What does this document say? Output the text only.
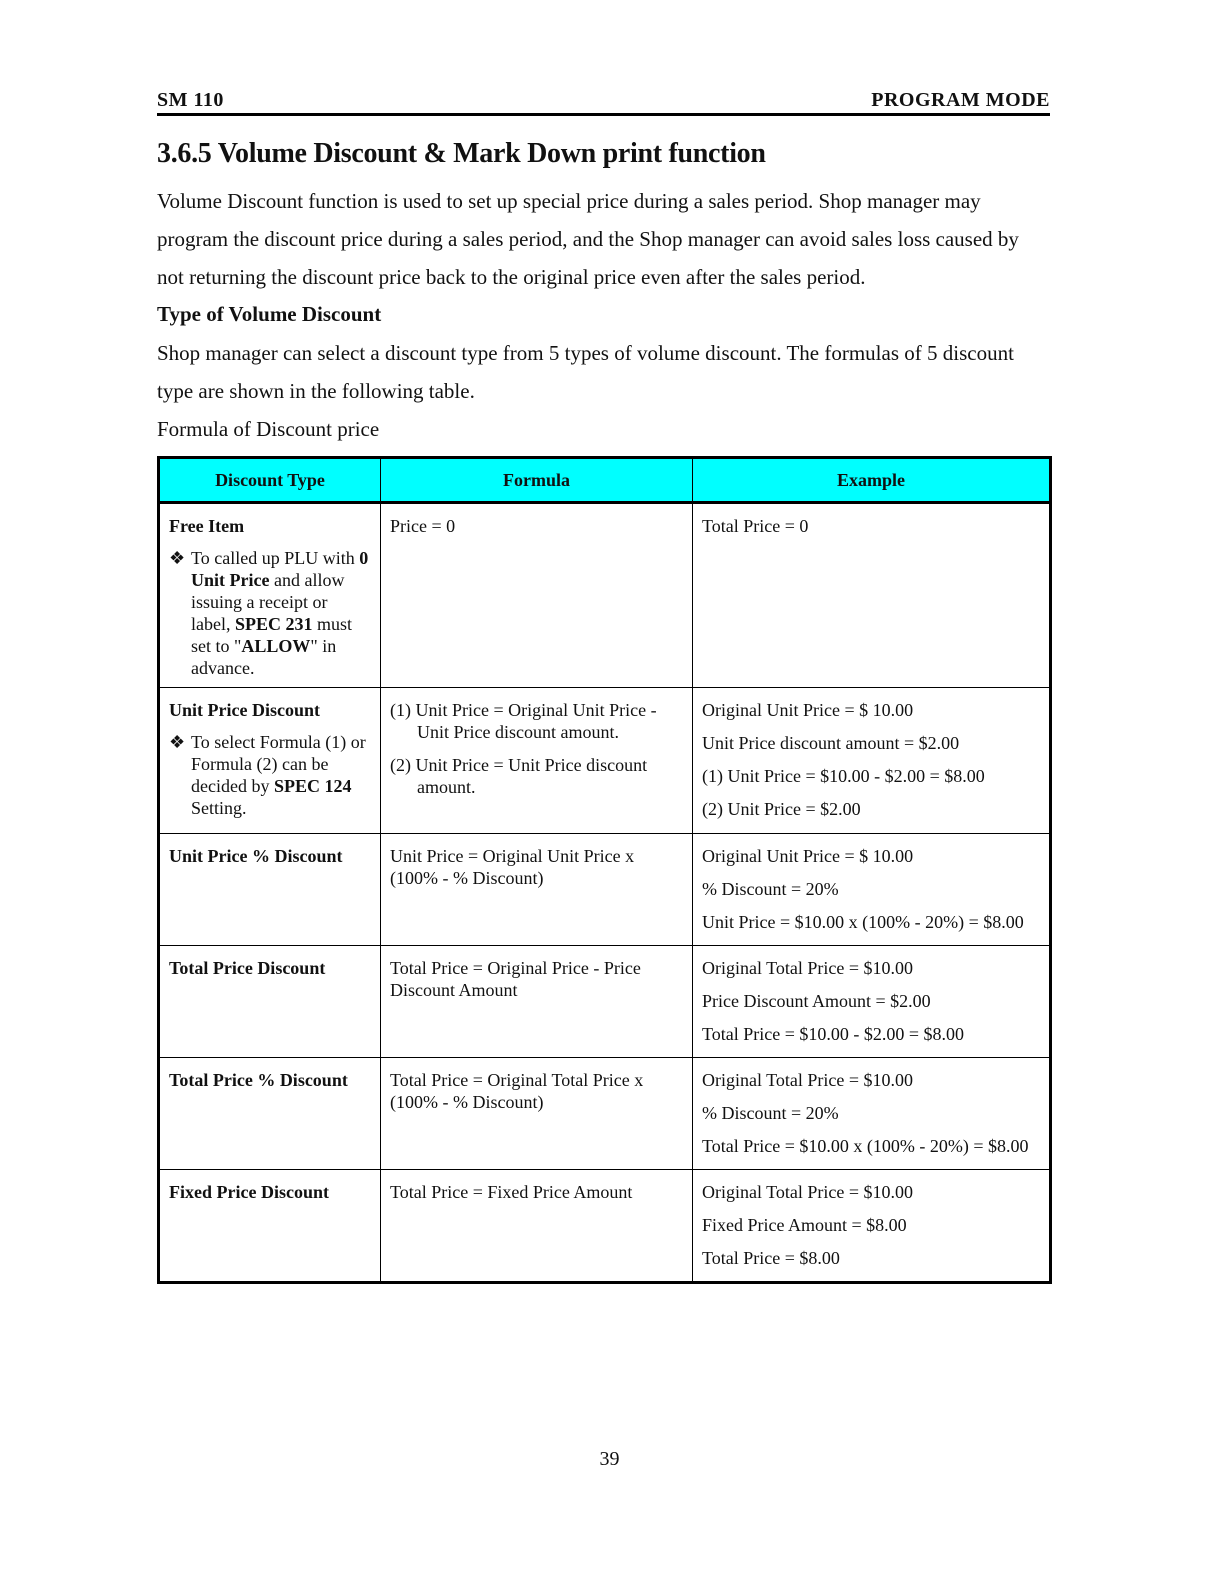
SM 110	PROGRAM MODE
3.6.5 Volume Discount & Mark Down print function

Volume Discount function is used to set up special price during a sales period. Shop manager may
program the discount price during a sales period, and the Shop manager can avoid sales loss caused by
not returning the discount price back to the original price even after the sales period.

Type of Volume Discount

Shop manager can select a discount type from 5 types of volume discount. The formulas of 5 discount
type are shown in the following table.
Formula of Discount price

Discount Type	Formula	Example

Free Item
❖ To called up PLU with 0 Unit Price and allow issuing a receipt or label, SPEC 231 must set to "ALLOW" in advance.	Price = 0	Total Price = 0

Unit Price Discount
❖ To select Formula (1) or Formula (2) can be decided by SPEC 124 Setting.	(1) Unit Price = Original Unit Price -
Unit Price discount amount.
(2) Unit Price = Unit Price discount
amount.	Original Unit Price = $ 10.00
Unit Price discount amount = $2.00
(1) Unit Price = $10.00 - $2.00 = $8.00
(2) Unit Price = $2.00

Unit Price % Discount	Unit Price = Original Unit Price x (100% - % Discount)	Original Unit Price = $ 10.00
% Discount = 20%
Unit Price = $10.00 x (100% - 20%) = $8.00

Total Price Discount	Total Price = Original Price - Price Discount Amount	Original Total Price = $10.00
Price Discount Amount = $2.00
Total Price = $10.00 - $2.00 = $8.00

Total Price % Discount	Total Price = Original Total Price x (100% - % Discount)	Original Total Price = $10.00
% Discount = 20%
Total Price = $10.00 x (100% - 20%) = $8.00

Fixed Price Discount	Total Price = Fixed Price Amount	Original Total Price = $10.00
Fixed Price Amount = $8.00
Total Price = $8.00
39
